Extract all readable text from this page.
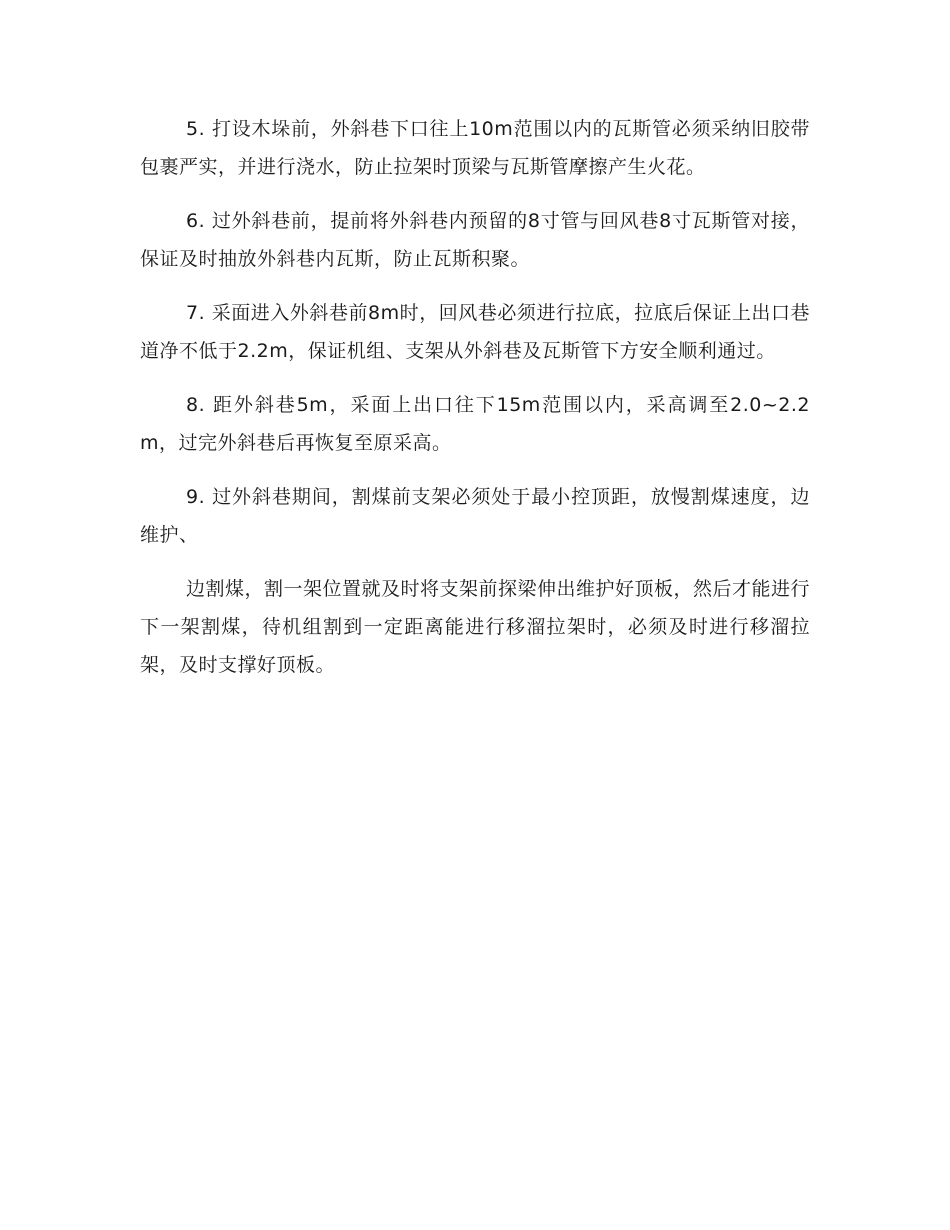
5. 打设木垛前，外斜巷下口往上10m范围以内的瓦斯管必须采纳旧胶带包裹严实，并进行浇水，防止拉架时顶梁与瓦斯管摩擦产生火花。

6. 过外斜巷前，提前将外斜巷内预留的8寸管与回风巷8寸瓦斯管对接，保证及时抽放外斜巷内瓦斯，防止瓦斯积聚。

7. 采面进入外斜巷前8m时，回风巷必须进行拉底，拉底后保证上出口巷道净不低于2.2m，保证机组、支架从外斜巷及瓦斯管下方安全顺利通过。

8. 距外斜巷5m，采面上出口往下15m范围以内，采高调至2.0~2.2m，过完外斜巷后再恢复至原采高。

9. 过外斜巷期间，割煤前支架必须处于最小控顶距，放慢割煤速度，边维护、

边割煤，割一架位置就及时将支架前探梁伸出维护好顶板，然后才能进行下一架割煤，待机组割到一定距离能进行移溜拉架时，必须及时进行移溜拉架，及时支撑好顶板。
